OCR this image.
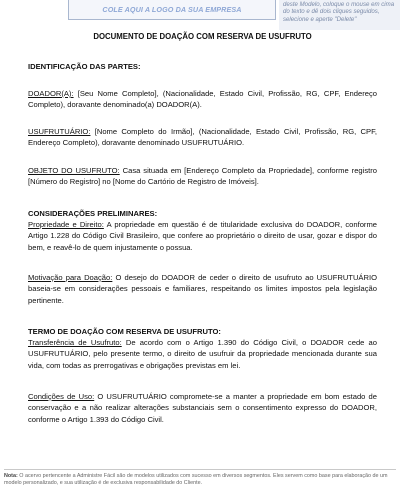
COLE AQUI A LOGO DA SUA EMPRESA
deste Modelo, coloque o mouse em cima do texto e dê dois cliques seguidos, selecione e aperte "Delete"

DOCUMENTO DE DOAÇÃO COM RESERVA DE USUFRUTO

IDENTIFICAÇÃO DAS PARTES:

DOADOR(A): [Seu Nome Completo], (Nacionalidade, Estado Civil, Profissão, RG, CPF, Endereço Completo), doravante denominado(a) DOADOR(A).

USUFRUTUÁRIO: [Nome Completo do Irmão], (Nacionalidade, Estado Civil, Profissão, RG, CPF, Endereço Completo), doravante denominado USUFRUTUÁRIO.

OBJETO DO USUFRUTO: Casa situada em [Endereço Completo da Propriedade], conforme registro [Número do Registro] no [Nome do Cartório de Registro de Imóveis].

CONSIDERAÇÕES PRELIMINARES:

Propriedade e Direito: A propriedade em questão é de titularidade exclusiva do DOADOR, conforme Artigo 1.228 do Código Civil Brasileiro, que confere ao proprietário o direito de usar, gozar e dispor do bem, e reavê-lo de quem injustamente o possua.

Motivação para Doação: O desejo do DOADOR de ceder o direito de usufruto ao USUFRUTUÁRIO baseia-se em considerações pessoais e familiares, respeitando os limites impostos pela legislação pertinente.

TERMO DE DOAÇÃO COM RESERVA DE USUFRUTO:

Transferência de Usufruto: De acordo com o Artigo 1.390 do Código Civil, o DOADOR cede ao USUFRUTUÁRIO, pelo presente termo, o direito de usufruir da propriedade mencionada durante sua vida, com todas as prerrogativas e obrigações previstas em lei.

Condições de Uso: O USUFRUTUÁRIO compromete-se a manter a propriedade em bom estado de conservação e a não realizar alterações substanciais sem o consentimento expresso do DOADOR, conforme o Artigo 1.393 do Código Civil.

Nota: O acervo pertencente a Administre Fácil são de modelos utilizados com sucesso em diversos segmentos. Eles servem como base para elaboração de um modelo personalizado, e sua utilização é de exclusiva responsabilidade do Cliente.
